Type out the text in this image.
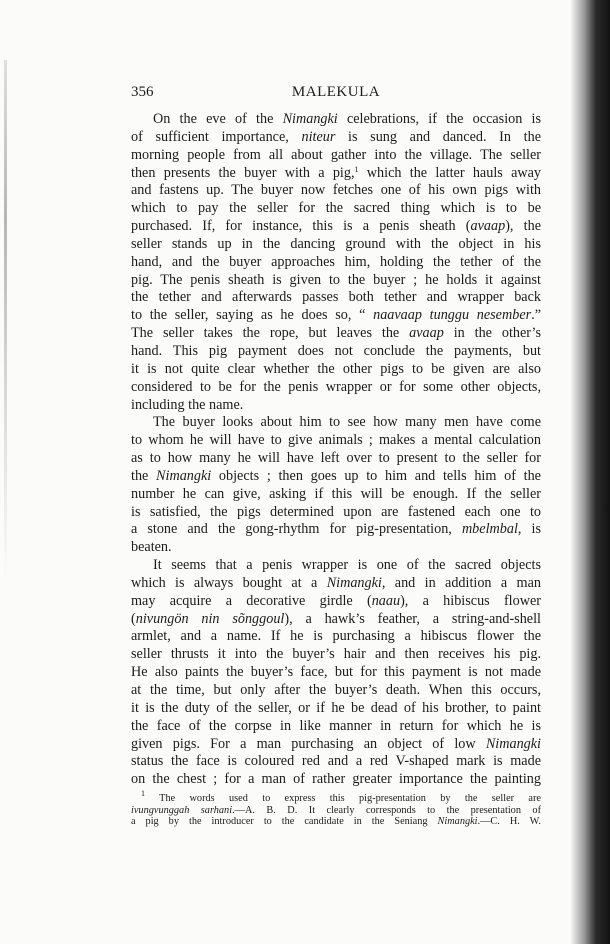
356	MALEKULA
On the eve of the Nimangki celebrations, if the occasion is
of sufficient importance, niteur is sung and danced. In the
morning people from all about gather into the village. The seller
then presents the buyer with a pig,$^1$ which the latter hauls away
and fastens up. The buyer now fetches one of his own pigs with
which to pay the seller for the sacred thing which is to be
purchased. If, for instance, this is a penis sheath (avaap), the
seller stands up in the dancing ground with the object in his
hand, and the buyer approaches him, holding the tether of the
pig. The penis sheath is given to the buyer ; he holds it against
the tether and afterwards passes both tether and wrapper back
to the seller, saying as he does so, “ naavaap tunggu nesember.”
The seller takes the rope, but leaves the avaap in the other’s
hand. This pig payment does not conclude the payments, but
it is not quite clear whether the other pigs to be given are also
considered to be for the penis wrapper or for some other objects,
including the name.
The buyer looks about him to see how many men have come
to whom he will have to give animals ; makes a mental calculation
as to how many he will have left over to present to the seller for
the Nimangki objects ; then goes up to him and tells him of the
number he can give, asking if this will be enough. If the seller
is satisfied, the pigs determined upon are fastened each one to
a stone and the gong-rhythm for pig-presentation, mbelmbal, is
beaten.
It seems that a penis wrapper is one of the sacred objects
which is always bought at a Nimangki, and in addition a man
may acquire a decorative girdle (naau), a hibiscus flower
(nivungön nin sõnggoul), a hawk’s feather, a string-and-shell
armlet, and a name. If he is purchasing a hibiscus flower the
seller thrusts it into the buyer’s hair and then receives his pig.
He also paints the buyer’s face, but for this payment is not made
at the time, but only after the buyer’s death. When this occurs,
it is the duty of the seller, or if he be dead of his brother, to paint
the face of the corpse in like manner in return for which he is
given pigs. For a man purchasing an object of low Nimangki
status the face is coloured red and a red V-shaped mark is made
on the chest ; for a man of rather greater importance the painting
$^1$ The words used to express this pig-presentation by the seller are
ivungvunggah sarhani.—A. B. D. It clearly corresponds to the presentation of
a pig by the introducer to the candidate in the Seniang Nimangki.—C. H. W.
